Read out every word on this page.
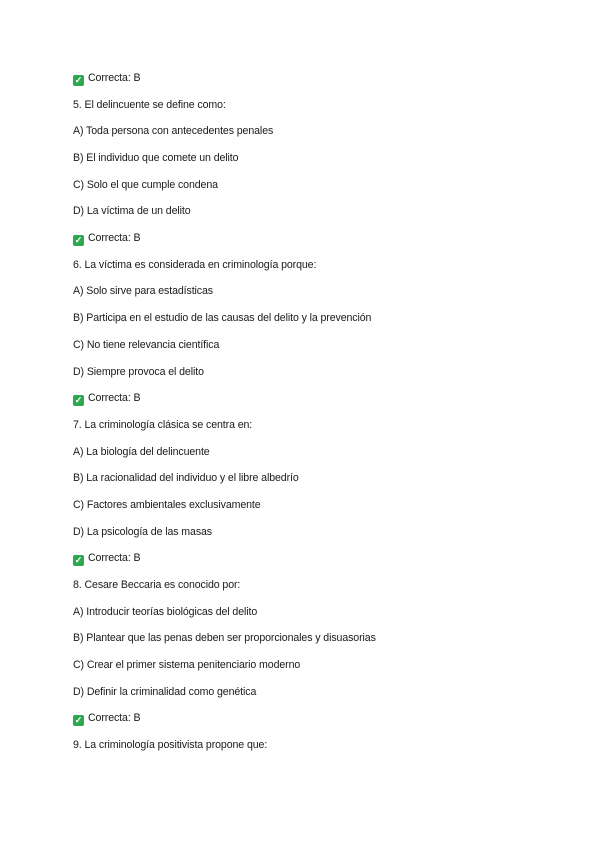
✓ Correcta: B
5. El delincuente se define como:
A) Toda persona con antecedentes penales
B) El individuo que comete un delito
C) Solo el que cumple condena
D) La víctima de un delito
✓ Correcta: B
6. La víctima es considerada en criminología porque:
A) Solo sirve para estadísticas
B) Participa en el estudio de las causas del delito y la prevención
C) No tiene relevancia científica
D) Siempre provoca el delito
✓ Correcta: B
7. La criminología clásica se centra en:
A) La biología del delincuente
B) La racionalidad del individuo y el libre albedrío
C) Factores ambientales exclusivamente
D) La psicología de las masas
✓ Correcta: B
8. Cesare Beccaria es conocido por:
A) Introducir teorías biológicas del delito
B) Plantear que las penas deben ser proporcionales y disuasorias
C) Crear el primer sistema penitenciario moderno
D) Definir la criminalidad como genética
✓ Correcta: B
9. La criminología positivista propone que:
